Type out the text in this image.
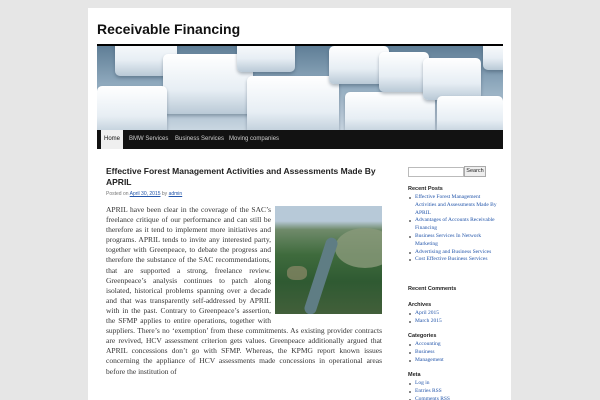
Receivable Financing
Home	BMW Services Business Services Moving companies
Effective Forest Management Activities and Assessments Made By APRIL
Posted on April 30, 2015 by admin
APRIL have been clear in the coverage of the SAC’s freelance critique of our performance and can still be therefore as it tend to implement more initiatives and programs. APRIL tends to invite any interested party, together with Greenpeace, to debate the progress and therefore the substance of the SAC recommendations, that are supported a strong, freelance review. Greenpeace’s analysis continues to patch along isolated, historical problems spanning over a decade and that was transparently self-addressed by APRIL with in the past. Contrary to Greenpeace’s assertion, the SFMP applies to entire operations, together with suppliers. There’s no ‘exemption’ from these commitments. As existing provider contracts are revived, HCV assessment criterion gets values. Greenpeace additionally argued that APRIL concessions don’t go with SFMP. Whereas, the KPMG report known issues concerning the appliance of HCV assessments made concessions in operational areas before the institution of
Search
Recent Posts
Effective Forest Management Activities and Assessments Made By APRIL
Advantages of Accounts Receivable Financing
Business Services In Network Marketing
Advertising and Business Services
Cost Effective Business Services
Recent Comments
Archives
April 2015
March 2015
Categories
Accounting
Business
Management
Meta
Log in
Entries RSS
Comments RSS
